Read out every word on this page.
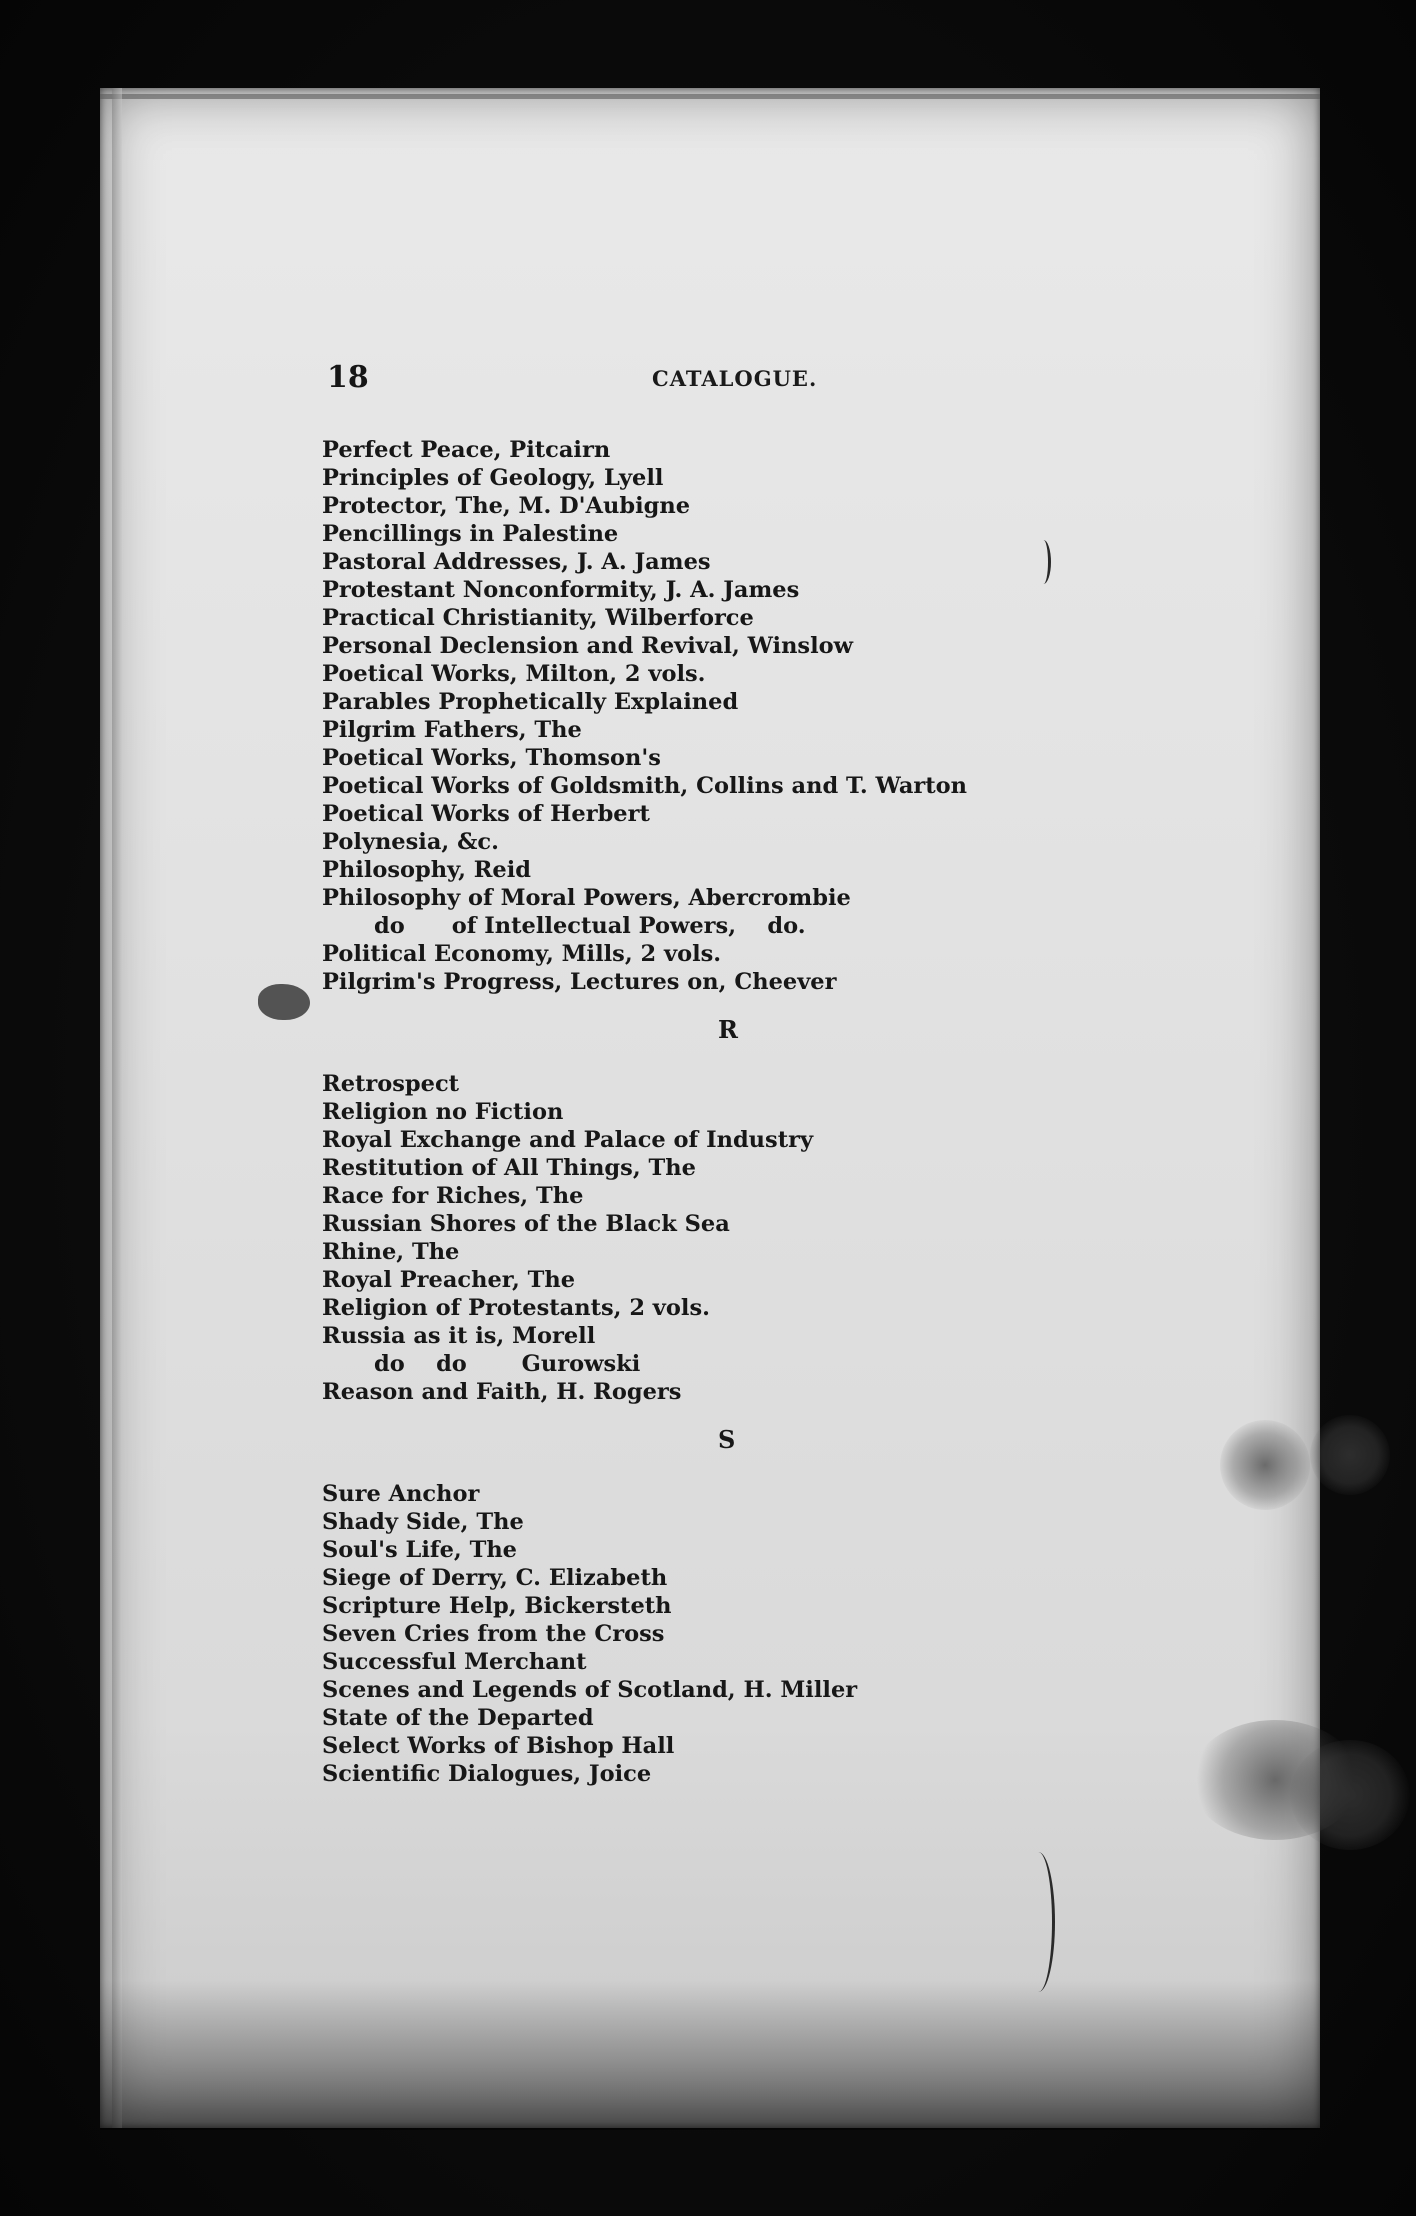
18	CATALOGUE.
Perfect Peace, Pitcairn
Principles of Geology, Lyell
Protector, The, M. D'Aubigne
Pencillings in Palestine
Pastoral Addresses, J. A. James
Protestant Nonconformity, J. A. James
Practical Christianity, Wilberforce
Personal Declension and Revival, Winslow
Poetical Works, Milton, 2 vols.
Parables Prophetically Explained
Pilgrim Fathers, The
Poetical Works, Thomson's
Poetical Works of Goldsmith, Collins and T. Warton
Poetical Works of Herbert
Polynesia, &c.
Philosophy, Reid
Philosophy of Moral Powers, Abercrombie
do      of Intellectual Powers,    do.
Political Economy, Mills, 2 vols.
Pilgrim's Progress, Lectures on, Cheever
R
Retrospect
Religion no Fiction
Royal Exchange and Palace of Industry
Restitution of All Things, The
Race for Riches, The
Russian Shores of the Black Sea
Rhine, The
Royal Preacher, The
Religion of Protestants, 2 vols.
Russia as it is, Morell
do    do       Gurowski
Reason and Faith, H. Rogers
S
Sure Anchor
Shady Side, The
Soul's Life, The
Siege of Derry, C. Elizabeth
Scripture Help, Bickersteth
Seven Cries from the Cross
Successful Merchant
Scenes and Legends of Scotland, H. Miller
State of the Departed
Select Works of Bishop Hall
Scientific Dialogues, Joice
